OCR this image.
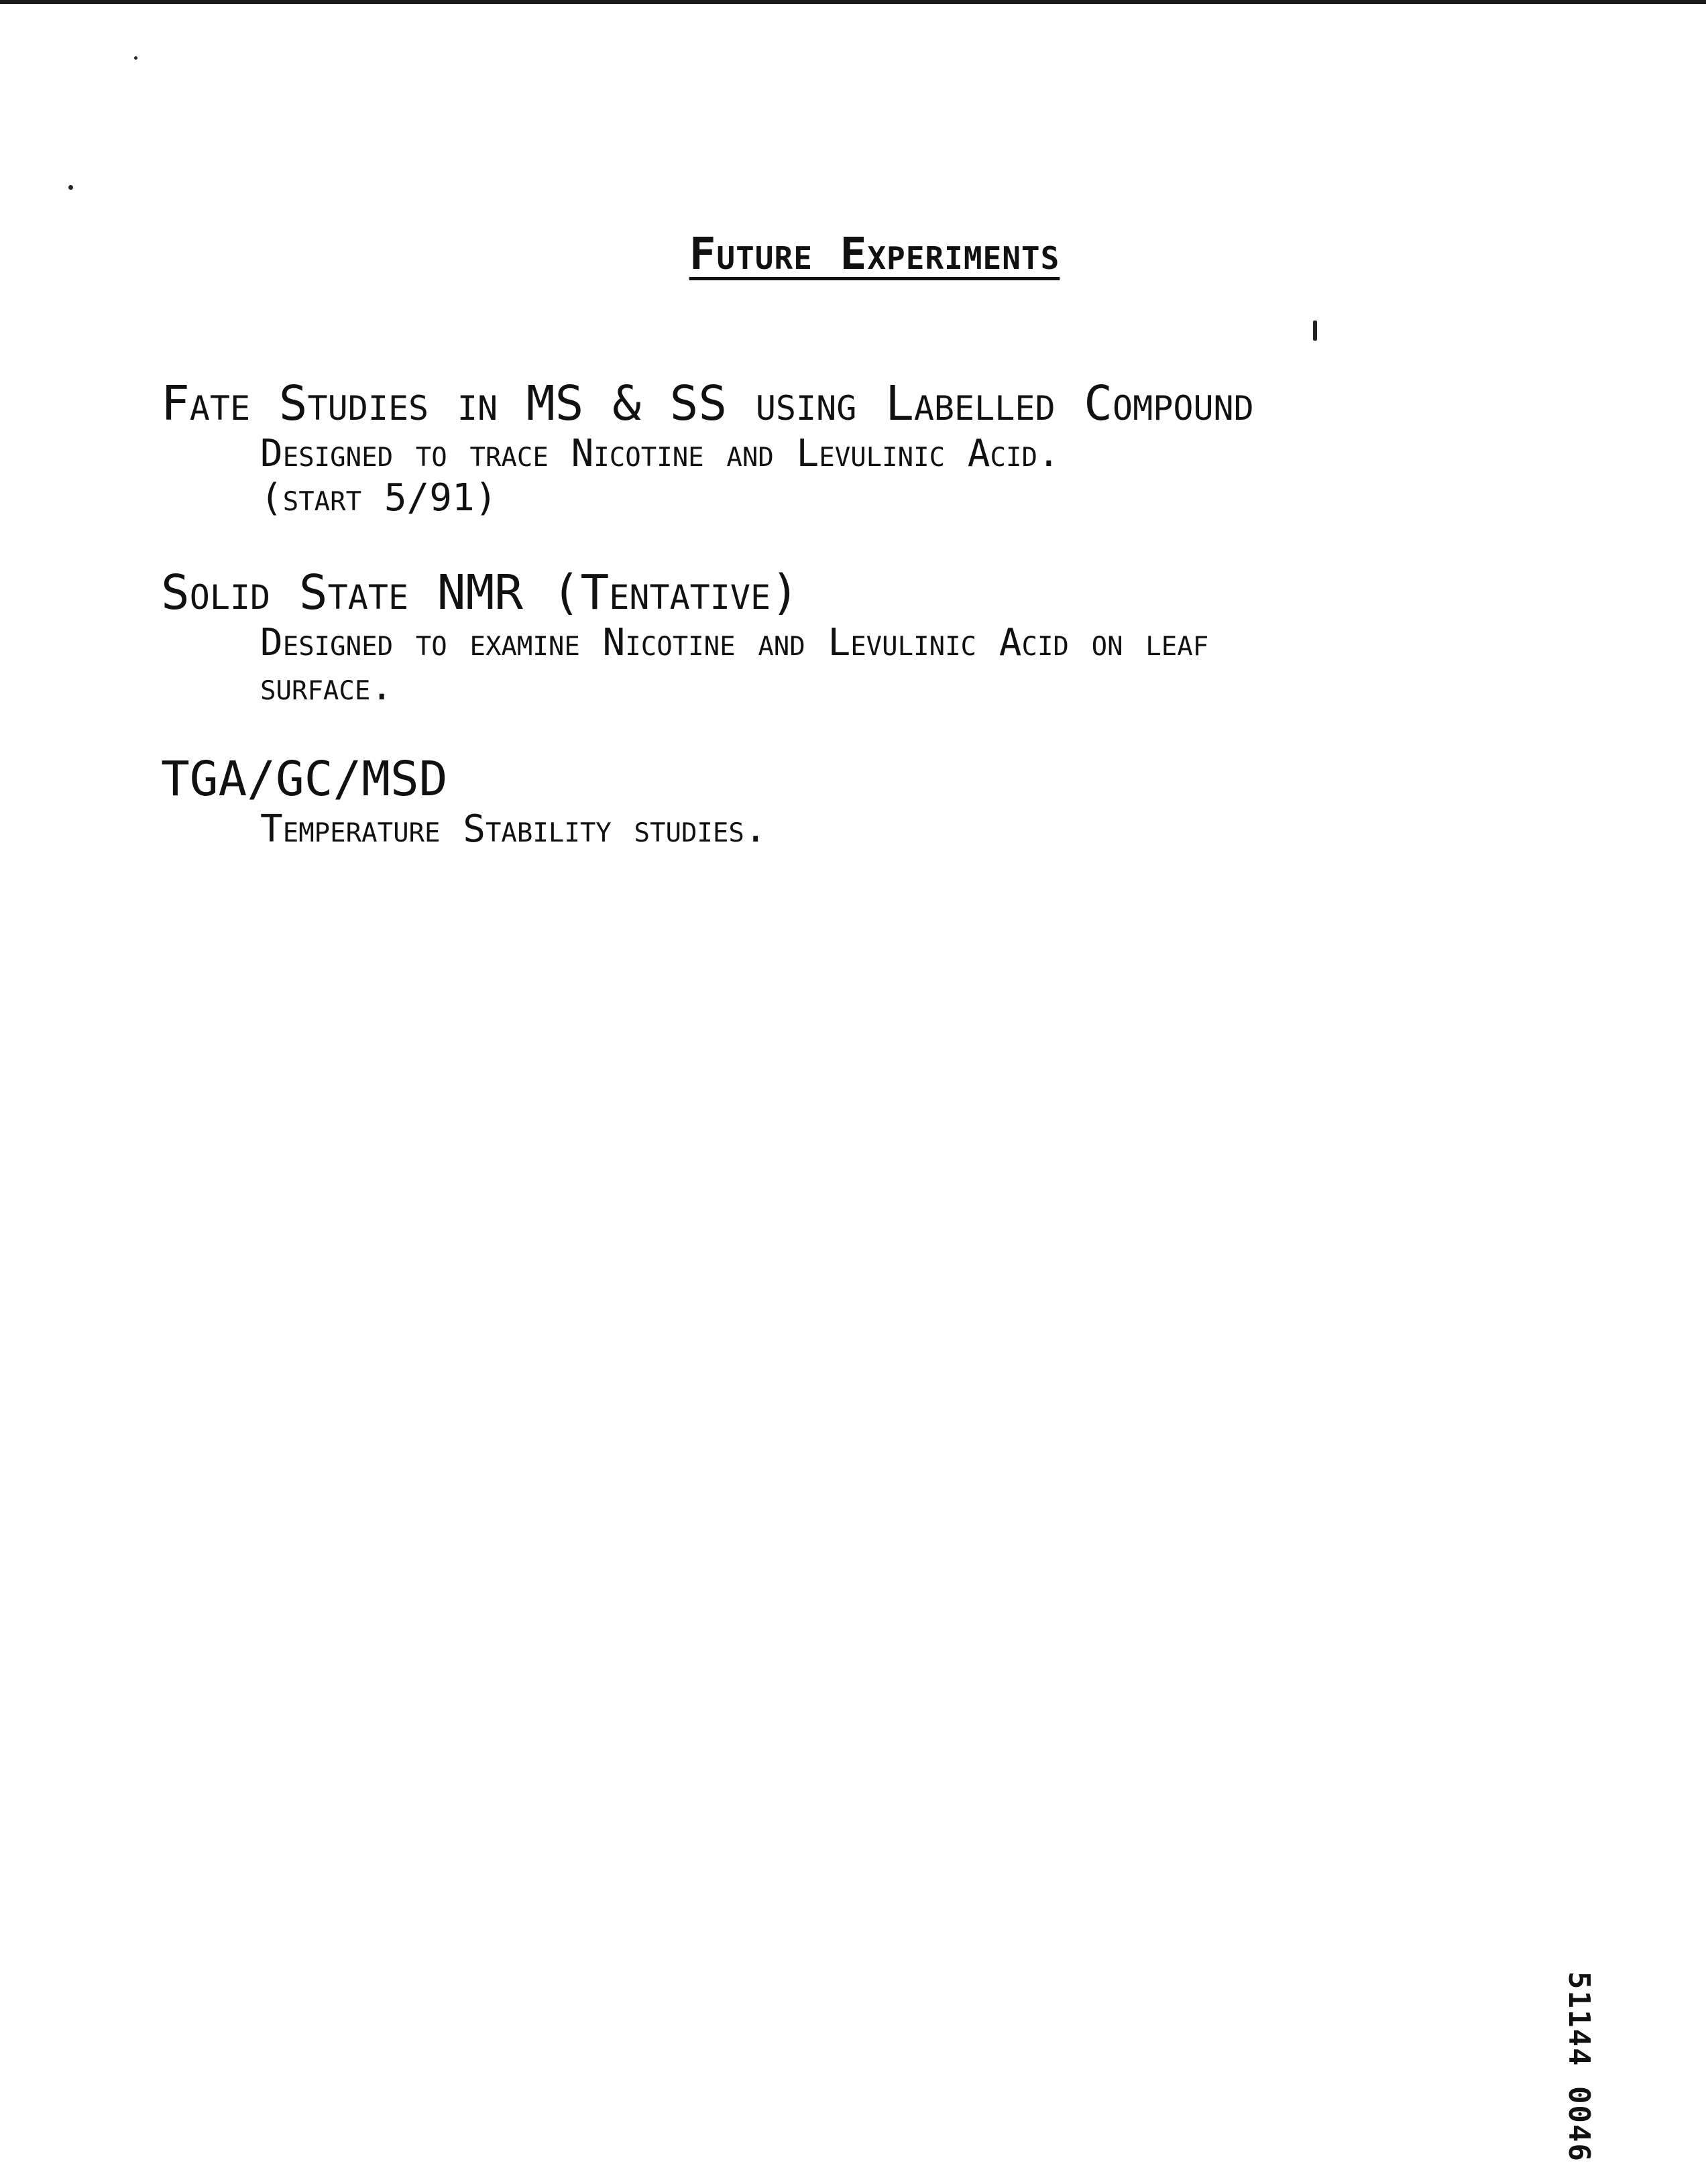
Future Experiments
Fate Studies in MS & SS using Labelled Compound
Designed to trace Nicotine and Levulinic Acid.
(start 5/91)
Solid State NMR (Tentative)
Designed to examine Nicotine and Levulinic Acid on leaf
surface.
TGA/GC/MSD
Temperature Stability studies.
51144 0046
